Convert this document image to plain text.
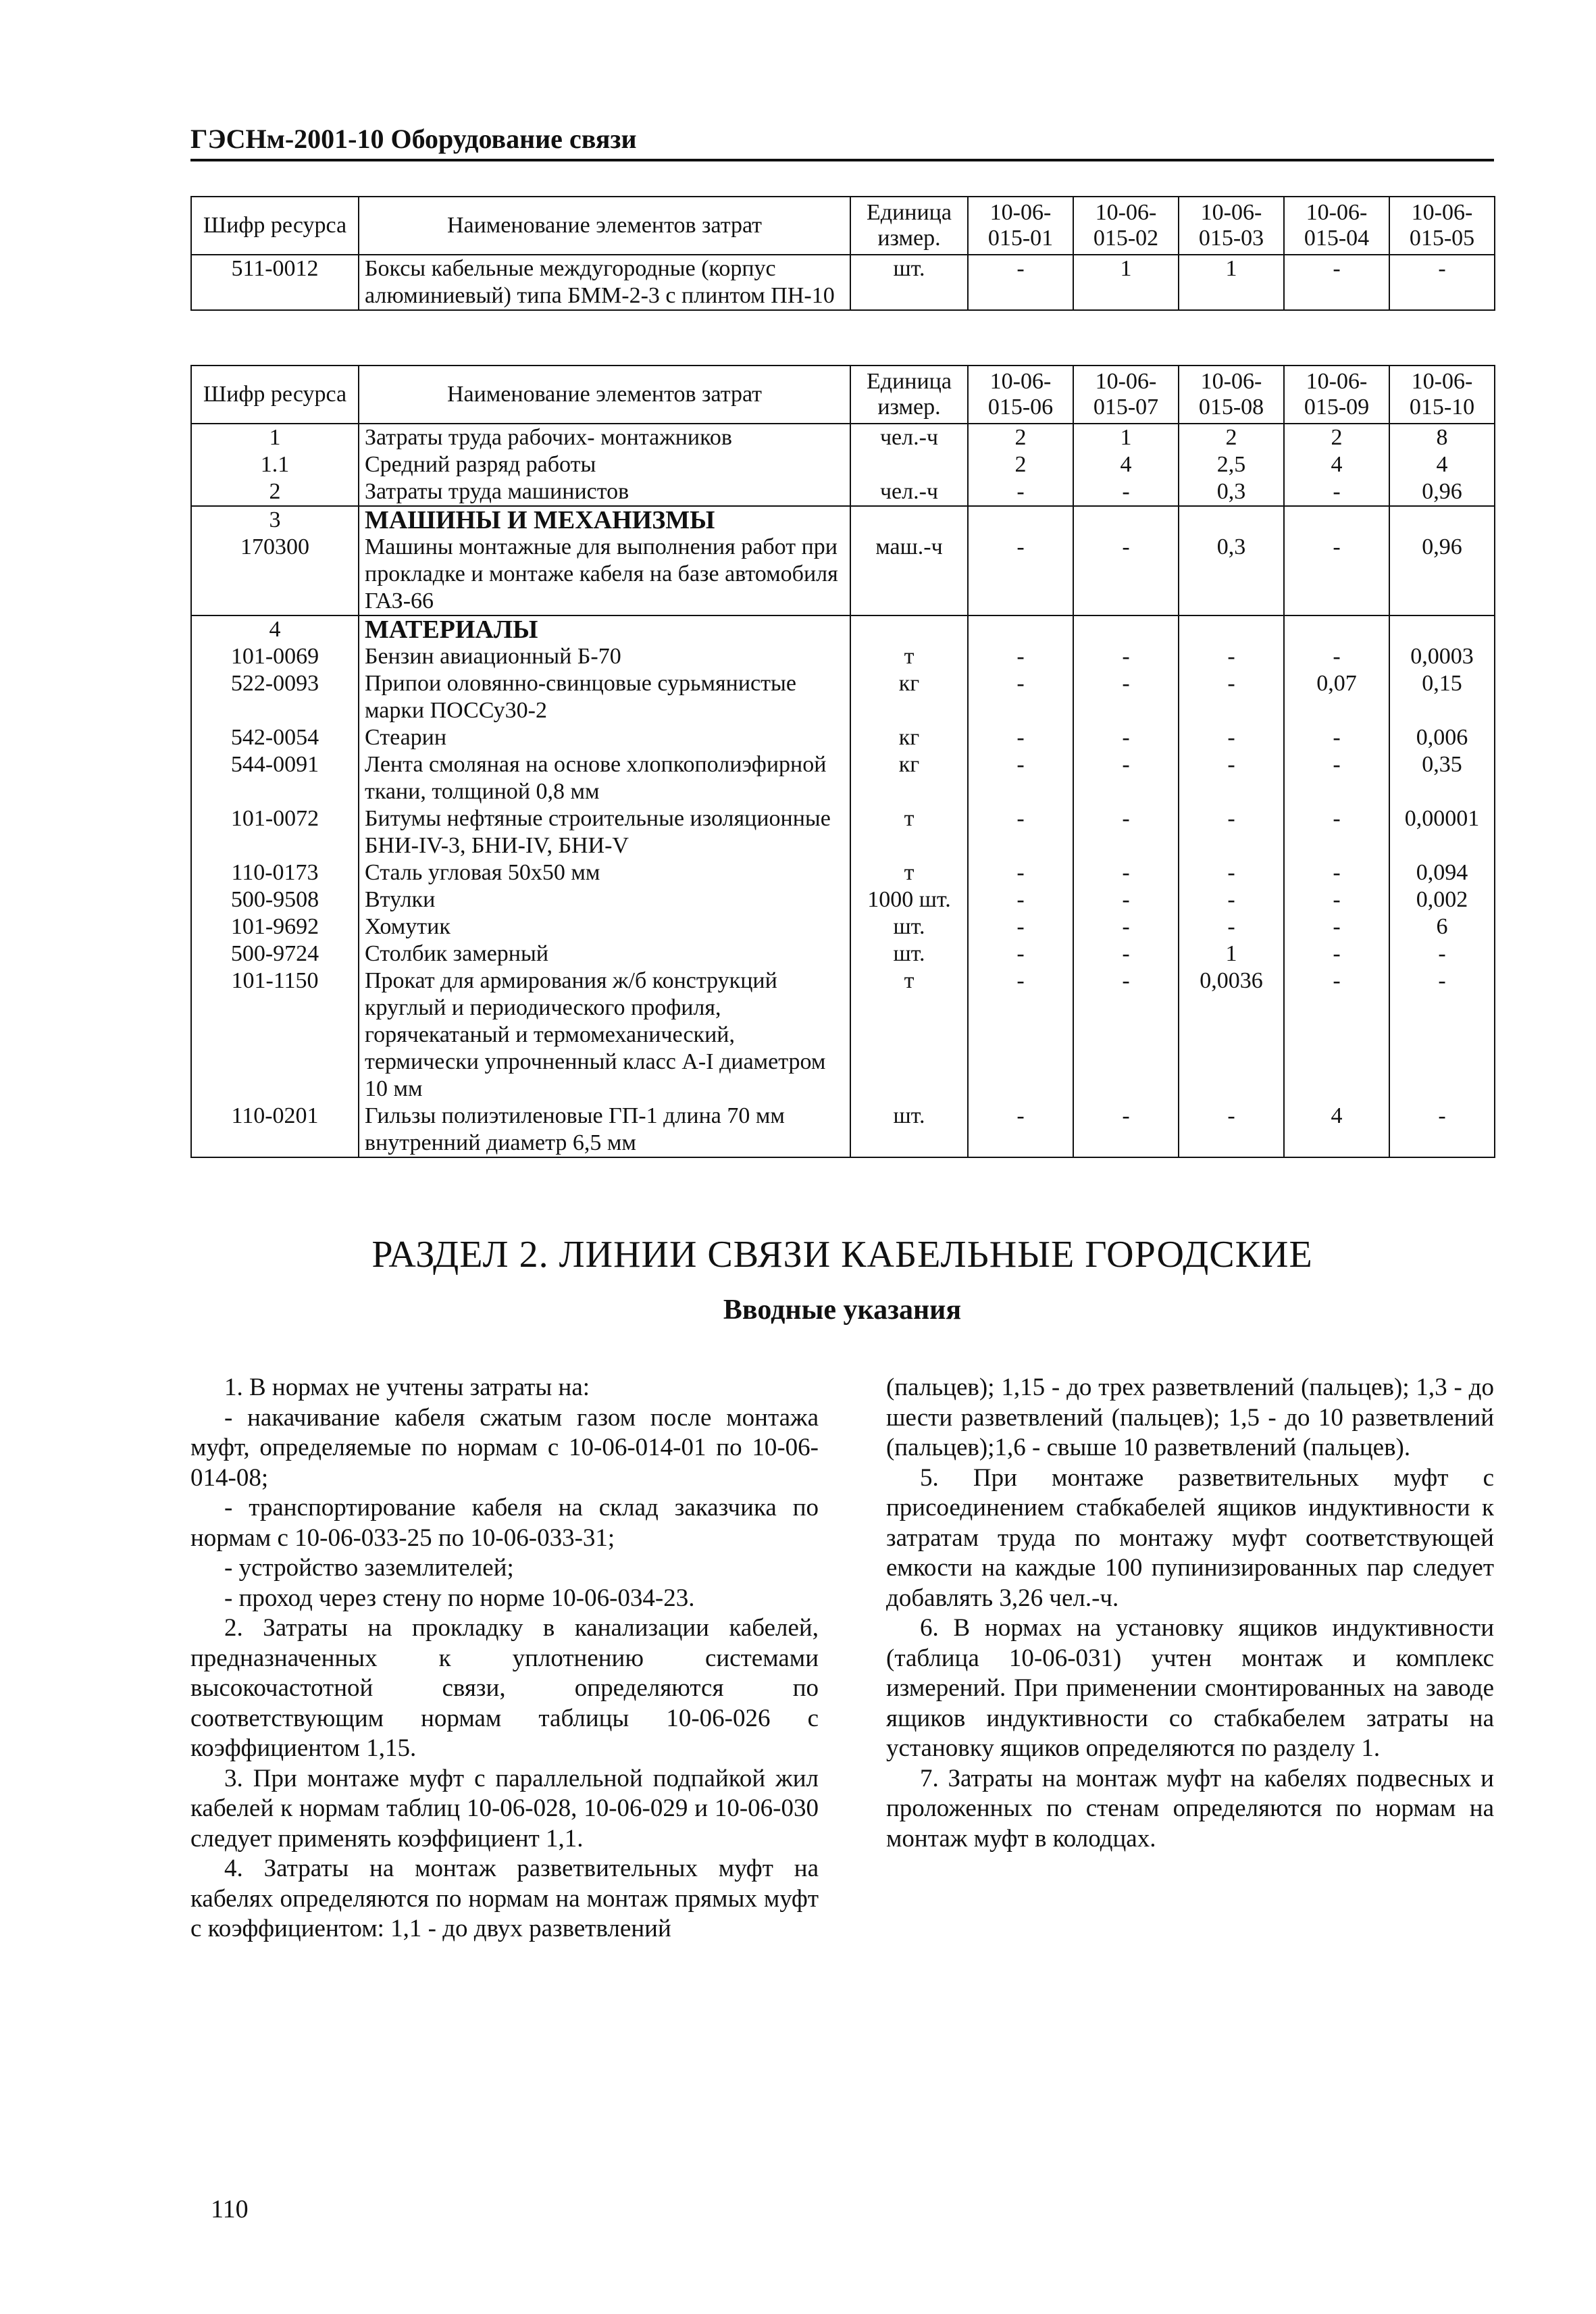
ГЭСНм-2001-10 Оборудование связи
Шифр ресурса	Наименование элементов затрат	Единица измер.	10-06- 015-01	10-06- 015-02	10-06- 015-03	10-06- 015-04	10-06- 015-05
511-0012	Боксы кабельные междугородные (корпус алюминиевый) типа БММ-2-3 с плинтом ПН-10	шт.	-	1	1	-	-
Шифр ресурса	Наименование элементов затрат	Единица измер.	10-06- 015-06	10-06- 015-07	10-06- 015-08	10-06- 015-09	10-06- 015-10
1	Затраты труда рабочих- монтажников	чел.-ч	2	1	2	2	8
1.1	Средний разряд работы		2	4	2,5	4	4
2	Затраты труда машинистов	чел.-ч	-	-	0,3	-	0,96
3	МАШИНЫ И МЕХАНИЗМЫ						
170300	Машины монтажные для выполнения работ при прокладке и монтаже кабеля на базе автомобиля ГАЗ-66	маш.-ч	-	-	0,3	-	0,96
4	МАТЕРИАЛЫ						
101-0069	Бензин авиационный Б-70	т	-	-	-	-	0,0003
522-0093	Припои оловянно-свинцовые сурьмянистые марки ПОССу30-2	кг	-	-	-	0,07	0,15
542-0054	Стеарин	кг	-	-	-	-	0,006
544-0091	Лента смоляная на основе хлопкополиэфирной ткани, толщиной 0,8 мм	кг	-	-	-	-	0,35
101-0072	Битумы нефтяные строительные изоляционные БНИ-IV-3, БНИ-IV, БНИ-V	т	-	-	-	-	0,00001
110-0173	Сталь угловая 50х50 мм	т	-	-	-	-	0,094
500-9508	Втулки	1000 шт.	-	-	-	-	0,002
101-9692	Хомутик	шт.	-	-	-	-	6
500-9724	Столбик замерный	шт.	-	-	1	-	-
101-1150	Прокат для армирования ж/б конструкций круглый и периодического профиля, горячекатаный и термомеханический, термически упрочненный класс А-I диаметром 10 мм	т	-	-	0,0036	-	-
110-0201	Гильзы полиэтиленовые ГП-1 длина 70 мм внутренний диаметр 6,5 мм	шт.	-	-	-	4	-
РАЗДЕЛ 2. ЛИНИИ СВЯЗИ КАБЕЛЬНЫЕ ГОРОДСКИЕ
Вводные указания

1. В нормах не учтены затраты на:

- накачивание кабеля сжатым газом после монтажа муфт, определяемые по нормам с 10-06-014-01 по 10-06-014-08;

- транспортирование кабеля на склад заказчика по нормам с 10-06-033-25 по 10-06-033-31;

- устройство заземлителей;

- проход через стену по норме 10-06-034-23.

2. Затраты на прокладку в канализации кабелей, предназначенных к уплотнению системами высокочастотной связи, определяются по соответствующим нормам таблицы 10-06-026 с коэффициентом 1,15.

3. При монтаже муфт с параллельной подпайкой жил кабелей к нормам таблиц 10-06-028, 10-06-029 и 10-06-030 следует применять коэффициент 1,1.

4. Затраты на монтаж разветвительных муфт на кабелях определяются по нормам на монтаж прямых муфт с коэффициентом: 1,1 - до двух разветвлений

(пальцев); 1,15 - до трех разветвлений (пальцев); 1,3 - до шести разветвлений (пальцев); 1,5 - до 10 разветвлений (пальцев);1,6 - свыше 10 разветвлений (пальцев).

5. При монтаже разветвительных муфт с присоединением стабкабелей ящиков индуктивности к затратам труда по монтажу муфт соответствующей емкости на каждые 100 пупинизированных пар следует добавлять 3,26 чел.-ч.

6. В нормах на установку ящиков индуктивности (таблица 10-06-031) учтен монтаж и комплекс измерений. При применении смонтированных на заводе ящиков индуктивности со стабкабелем затраты на установку ящиков определяются по разделу 1.

7. Затраты на монтаж муфт на кабелях подвесных и проложенных по стенам определяются по нормам на монтаж муфт в колодцах.

110
